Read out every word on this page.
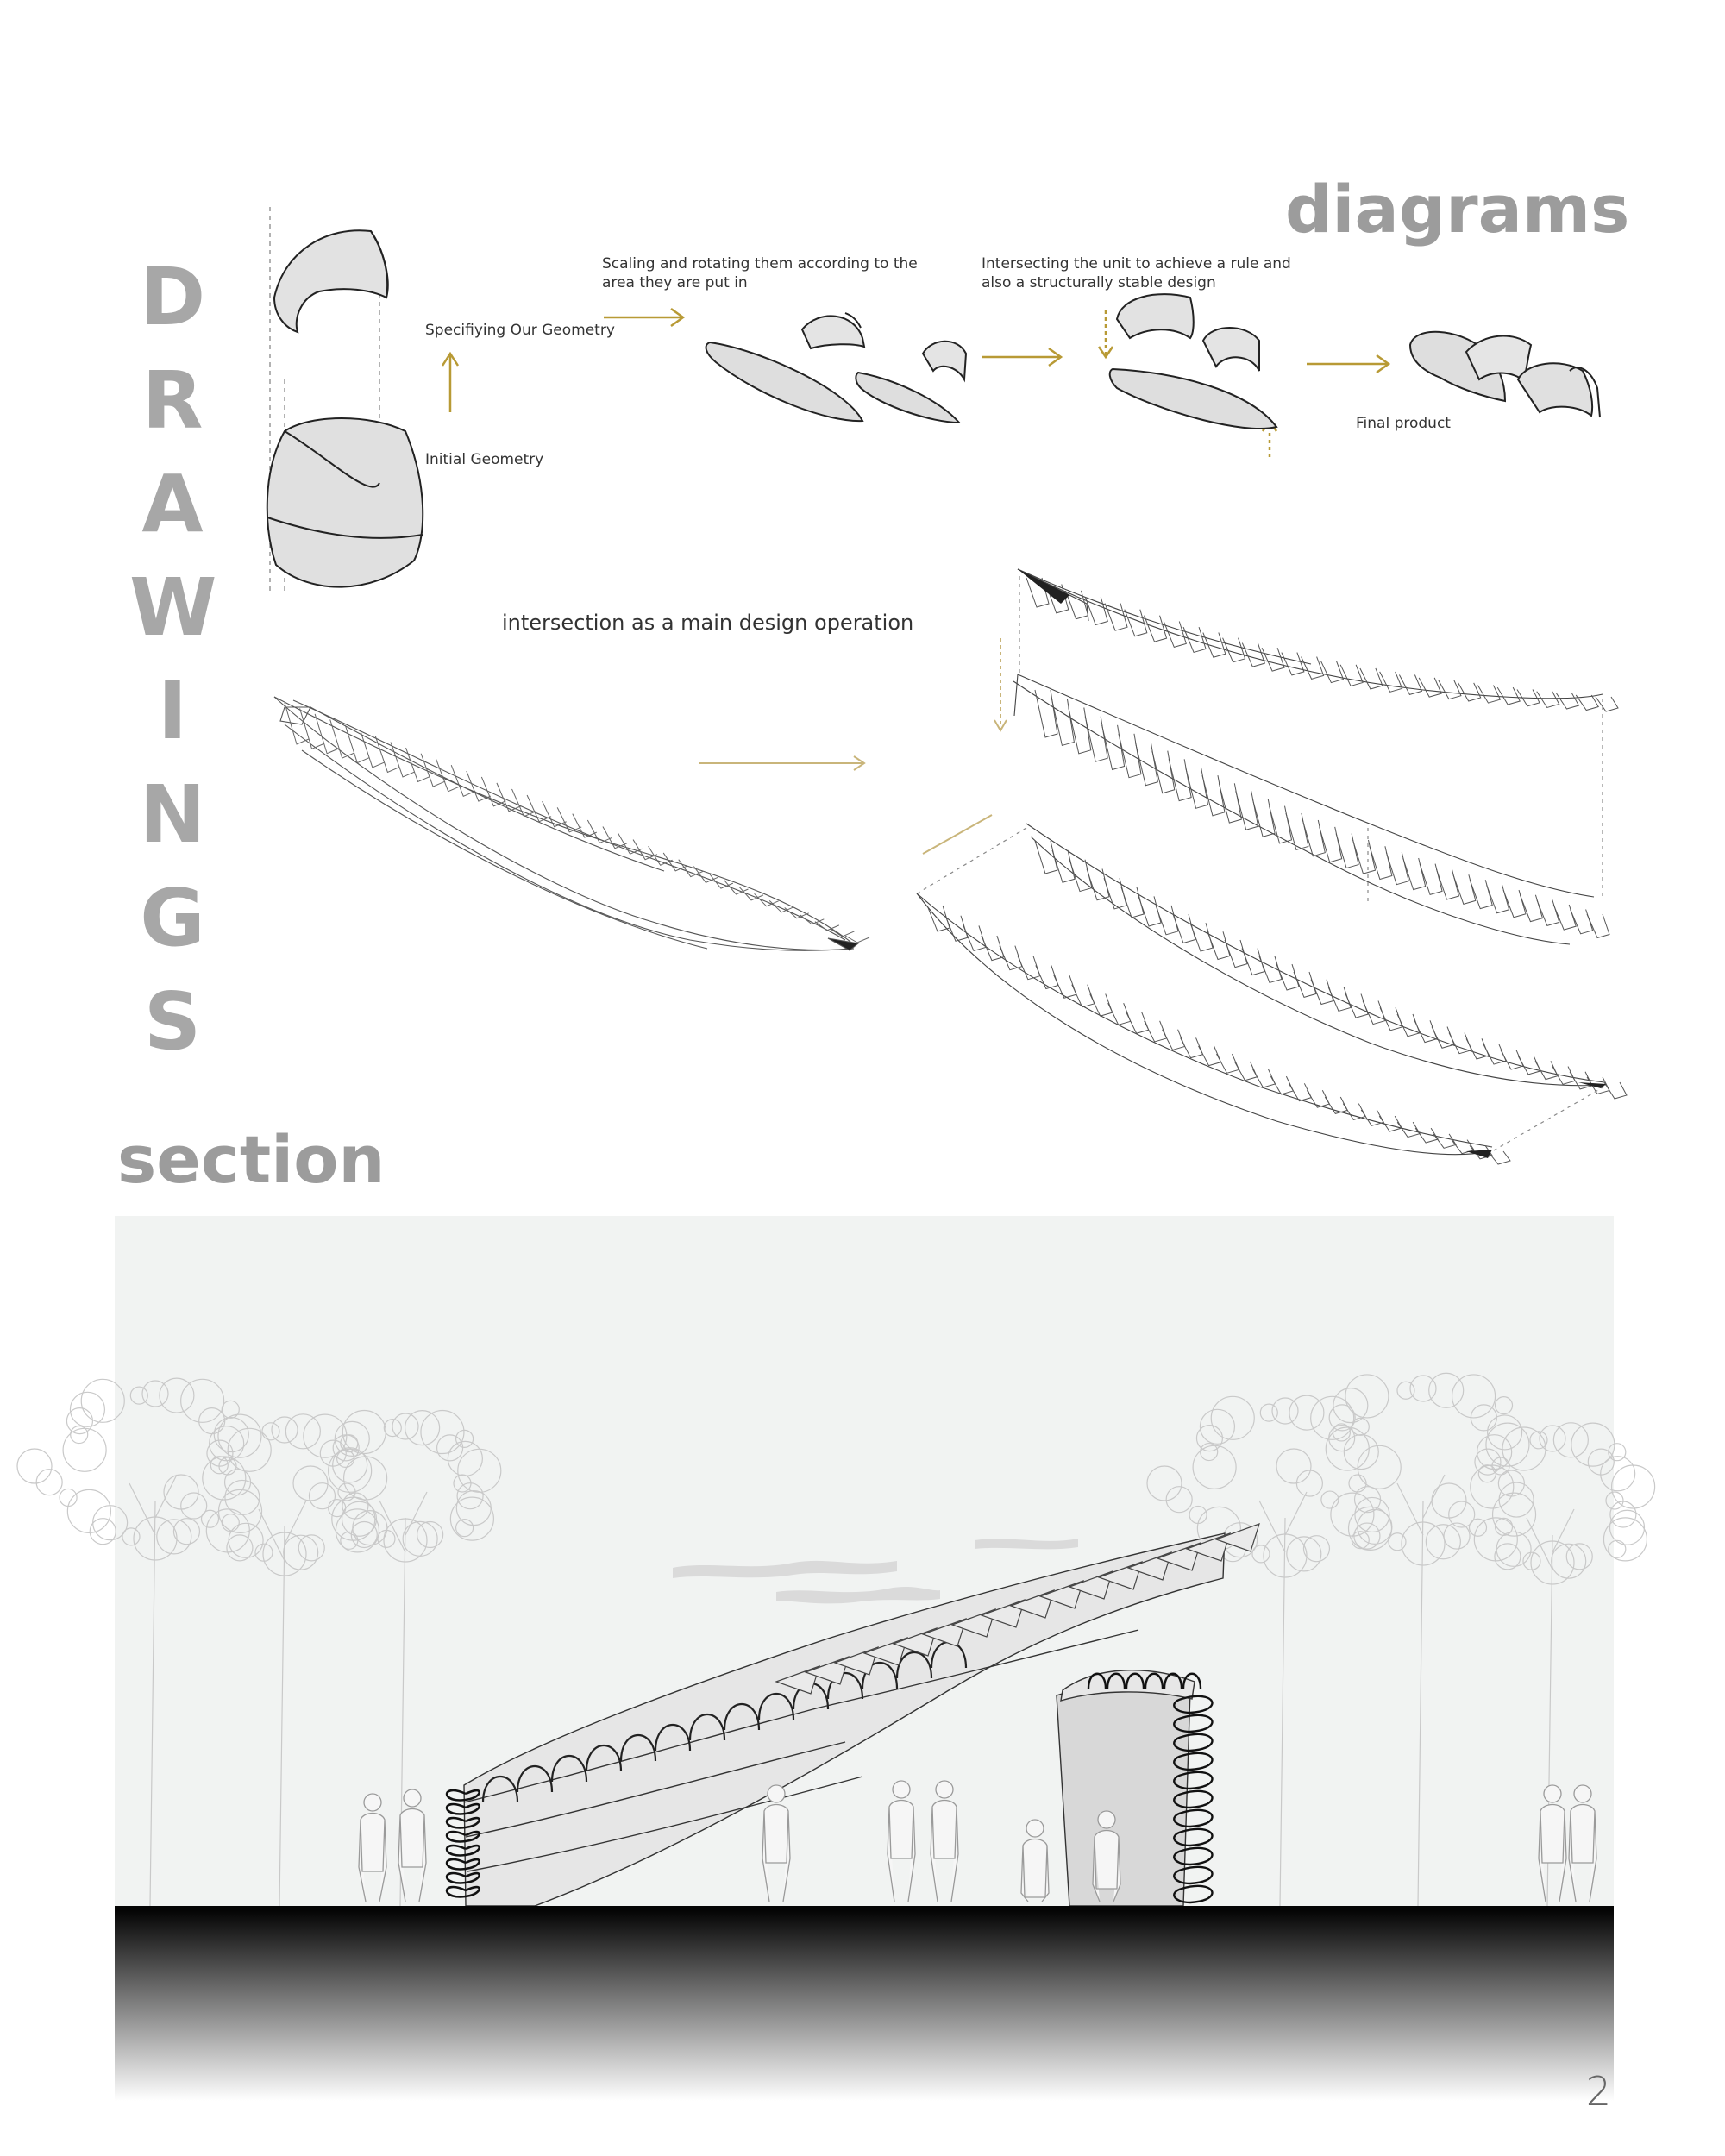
D
R
A
W
I
N
G
S
diagrams
section
Initial Geometry
Specifiying Our Geometry
Scaling and rotating them according to the area they are put in
Intersecting the unit to achieve a rule and also a structurally stable design
Final product
intersection as a main design operation
2
